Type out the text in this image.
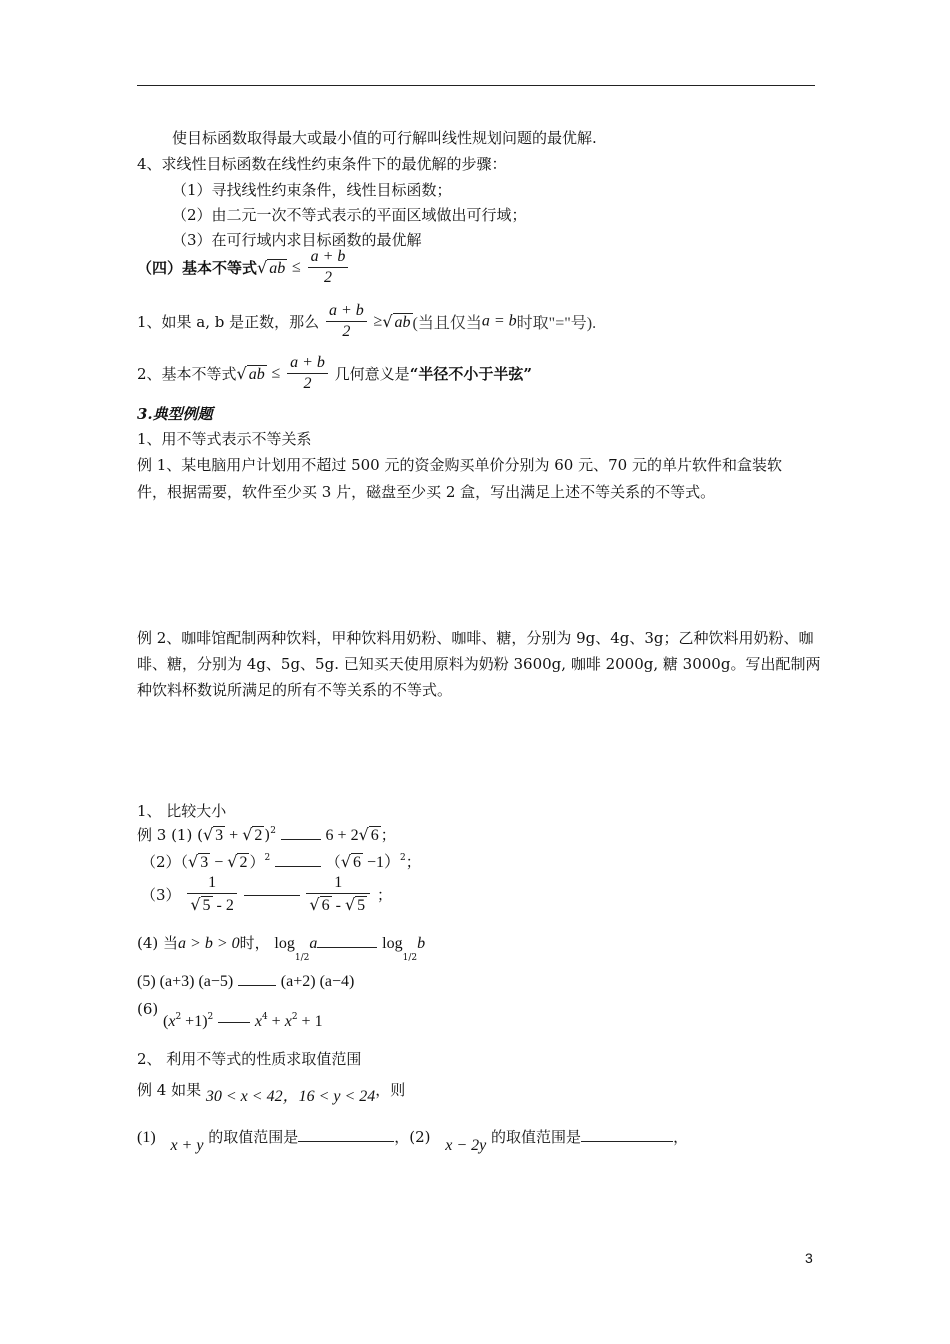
使目标函数取得最大或最小值的可行解叫线性规划问题的最优解.
4、求线性目标函数在线性约束条件下的最优解的步骤：
（1）寻找线性约束条件，线性目标函数；
（2）由二元一次不等式表示的平面区域做出可行域；
（3）在可行域内求目标函数的最优解
（四）基本不等式√ ab ≤ $\frac{a + b}{2}$
1、如果 a, b 是正数，那么 $\frac{a + b}{2}$ ≥√ ab (当且仅当a = b时取"="号).
2、基本不等式√ ab ≤ $\frac{a + b}{2}$ 几何意义是“半径不小于半弦”
3.典型例题
1、用不等式表示不等关系
例 1、某电脑用户计划用不超过 500 元的资金购买单价分别为 60 元、70 元的单片软件和盒装软
件，根据需要，软件至少买 3 片，磁盘至少买 2 盒，写出满足上述不等关系的不等式。
例 2、咖啡馆配制两种饮料，甲种饮料用奶粉、咖啡、糖，分别为 9g、4g、3g；乙种饮料用奶粉、咖
啡、糖，分别为 4g、5g、5g. 已知买天使用原料为奶粉 3600g, 咖啡 2000g, 糖 3000g。写出配制两
种饮料杯数说所满足的所有不等关系的不等式。
1、 比较大小
例 3 (1) (√ 3 + √ 2 )$^2$	6 + 2√ 6 ；
（2）（√ 3 − √ 2 ）$^2$	（√ 6 −1）$^2$；
$(3) \frac{1}{√ 5 - 2}$
	$\frac{1}{√ 6 - √ 5}$ ；
(4) 当a > b > 0时， $\log_{1/2}a$	$\log_{1/2}b$
(5) (a+3) (a−5)	(a+2) (a−4)
(6)
$(x^2 +1)^2$	$x^4 + x^2 + 1$
2、 利用不等式的性质求取值范围
例 4 如果 30 < x < 42，16 < y < 24，则
(1) x + y 的取值范围是	，(2) x − 2y 的取值范围是	，
3
